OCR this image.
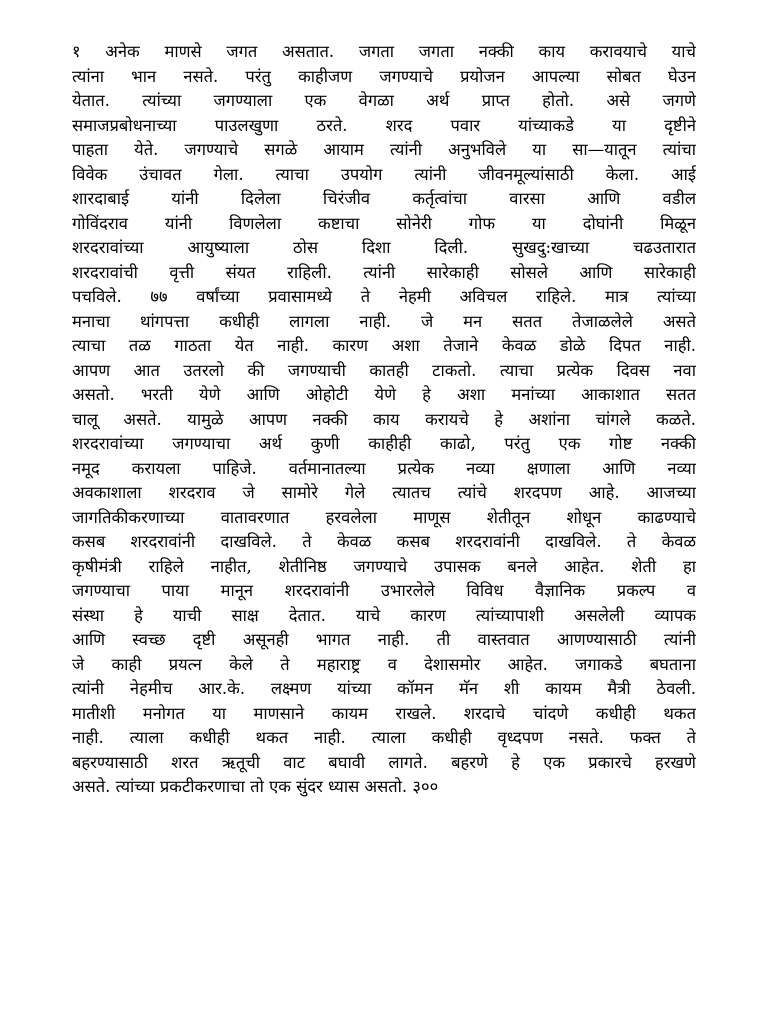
१ अनेक माणसे जगत असतात. जगता जगता नक्की काय करावयाचे याचे
त्यांना भान नसते. परंतु काहीजण जगण्याचे प्रयोजन आपल्या सोबत घेउन
येतात. त्यांच्या जगण्याला एक वेगळा अर्थ प्राप्त होतो. असे जगणे
समाजप्रबोधनाच्या पाउलखुणा ठरते. शरद पवार यांच्याकडे या दृष्टीने
पाहता येते. जगण्याचे सगळे आयाम त्यांनी अनुभविले या सा—यातून त्यांचा
विवेक उंचावत गेला. त्याचा उपयोग त्यांनी जीवनमूल्यांसाठी केला. आई
शारदाबाई यांनी दिलेला चिरंजीव कर्तृत्वांचा वारसा आणि वडील
गोविंदराव यांनी विणलेला कष्टाचा सोनेरी गोफ या दोघांनी मिळून
शरदरावांच्या आयुष्याला ठोस दिशा दिली. सुखदु:खाच्या चढउतारात
शरदरावांची वृत्ती संयत राहिली. त्यांनी सारेकाही सोसले आणि सारेकाही
पचविले. ७७ वर्षांच्या प्रवासामध्ये ते नेहमी अविचल राहिले. मात्र त्यांच्या
मनाचा थांगपत्ता कधीही लागला नाही. जे मन सतत तेजाळलेले असते
त्याचा तळ गाठता येत नाही. कारण अशा तेजाने केवळ डोळे दिपत नाही.
आपण आत उतरलो की जगण्याची कातही टाकतो. त्याचा प्रत्येक दिवस नवा
असतो. भरती येणे आणि ओहोटी येणे हे अशा मनांच्या आकाशात सतत
चालू असते. यामुळे आपण नक्की काय करायचे हे अशांना चांगले कळते.
शरदरावांच्या जगण्याचा अर्थ कुणी काहीही काढो, परंतु एक गोष्ट नक्की
नमूद करायला पाहिजे. वर्तमानातल्या प्रत्येक नव्या क्षणाला आणि नव्या
अवकाशाला शरदराव जे सामोरे गेले त्यातच त्यांचे शरदपण आहे. आजच्या
जागतिकीकरणाच्या वातावरणात हरवलेला माणूस शेतीतून शोधून काढण्याचे
कसब शरदरावांनी दाखविले. ते केवळ कसब शरदरावांनी दाखविले. ते केवळ
कृषीमंत्री राहिले नाहीत, शेतीनिष्ठ जगण्याचे उपासक बनले आहेत. शेती हा
जगण्याचा पाया मानून शरदरावांनी उभारलेले विविध वैज्ञानिक प्रकल्प व
संस्था हे याची साक्ष देतात. याचे कारण त्यांच्यापाशी असलेली व्यापक
आणि स्वच्छ दृष्टी असूनही भागत नाही. ती वास्तवात आणण्यासाठी त्यांनी
जे काही प्रयत्न केले ते महाराष्ट्र व देशासमोर आहेत. जगाकडे बघताना
त्यांनी नेहमीच आर.के. लक्ष्मण यांच्या कॉमन मॅन शी कायम मैत्री ठेवली.
मातीशी मनोगत या माणसाने कायम राखले. शरदाचे चांदणे कधीही थकत
नाही. त्याला कधीही थकत नाही. त्याला कधीही वृध्दपण नसते. फक्त ते
बहरण्यासाठी शरत ऋतूची वाट बघावी लागते. बहरणे हे एक प्रकारचे हरखणे
असते. त्यांच्या प्रकटीकरणाचा तो एक सुंदर ध्यास असतो. ३००
